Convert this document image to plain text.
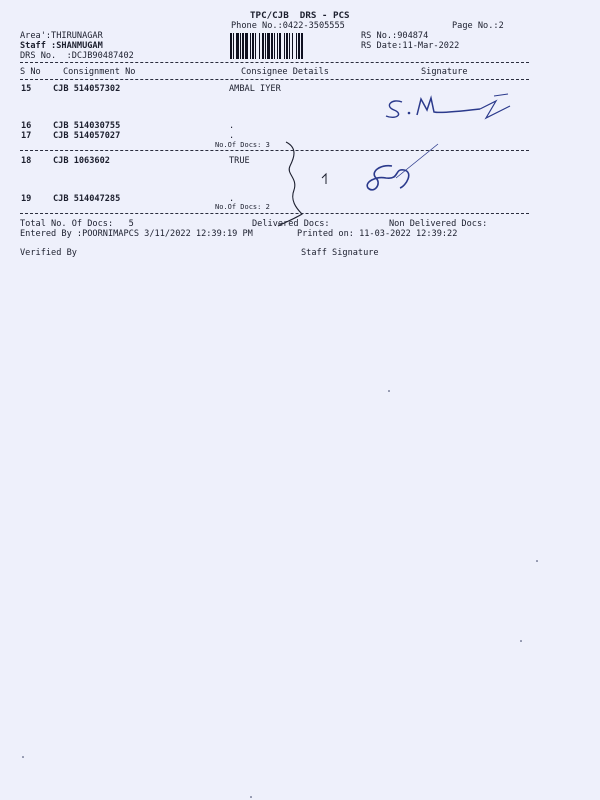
TPC/CJB  DRS - PCS
Phone No.:0422-3505555	Page No.:2
Area':THIRUNAGAR
Staff :SHANMUGAM
DRS No.  :DCJB90487402
RS No.:904874
RS Date:11-Mar-2022
S No	Consignment No	Consignee Details	Signature
15	CJB 514057302	AMBAL IYER
16	CJB 514030755	.
17	CJB 514057027	.
No.Of Docs: 3
18	CJB 1063602	TRUE
19	CJB 514047285	.
No.Of Docs: 2
Total No. Of Docs:   5	Delivered Docs:	Non Delivered Docs:
Entered By :POORNIMAPCS 3/11/2022 12:39:19 PM	Printed on: 11-03-2022 12:39:22
Verified By	Staff Signature
